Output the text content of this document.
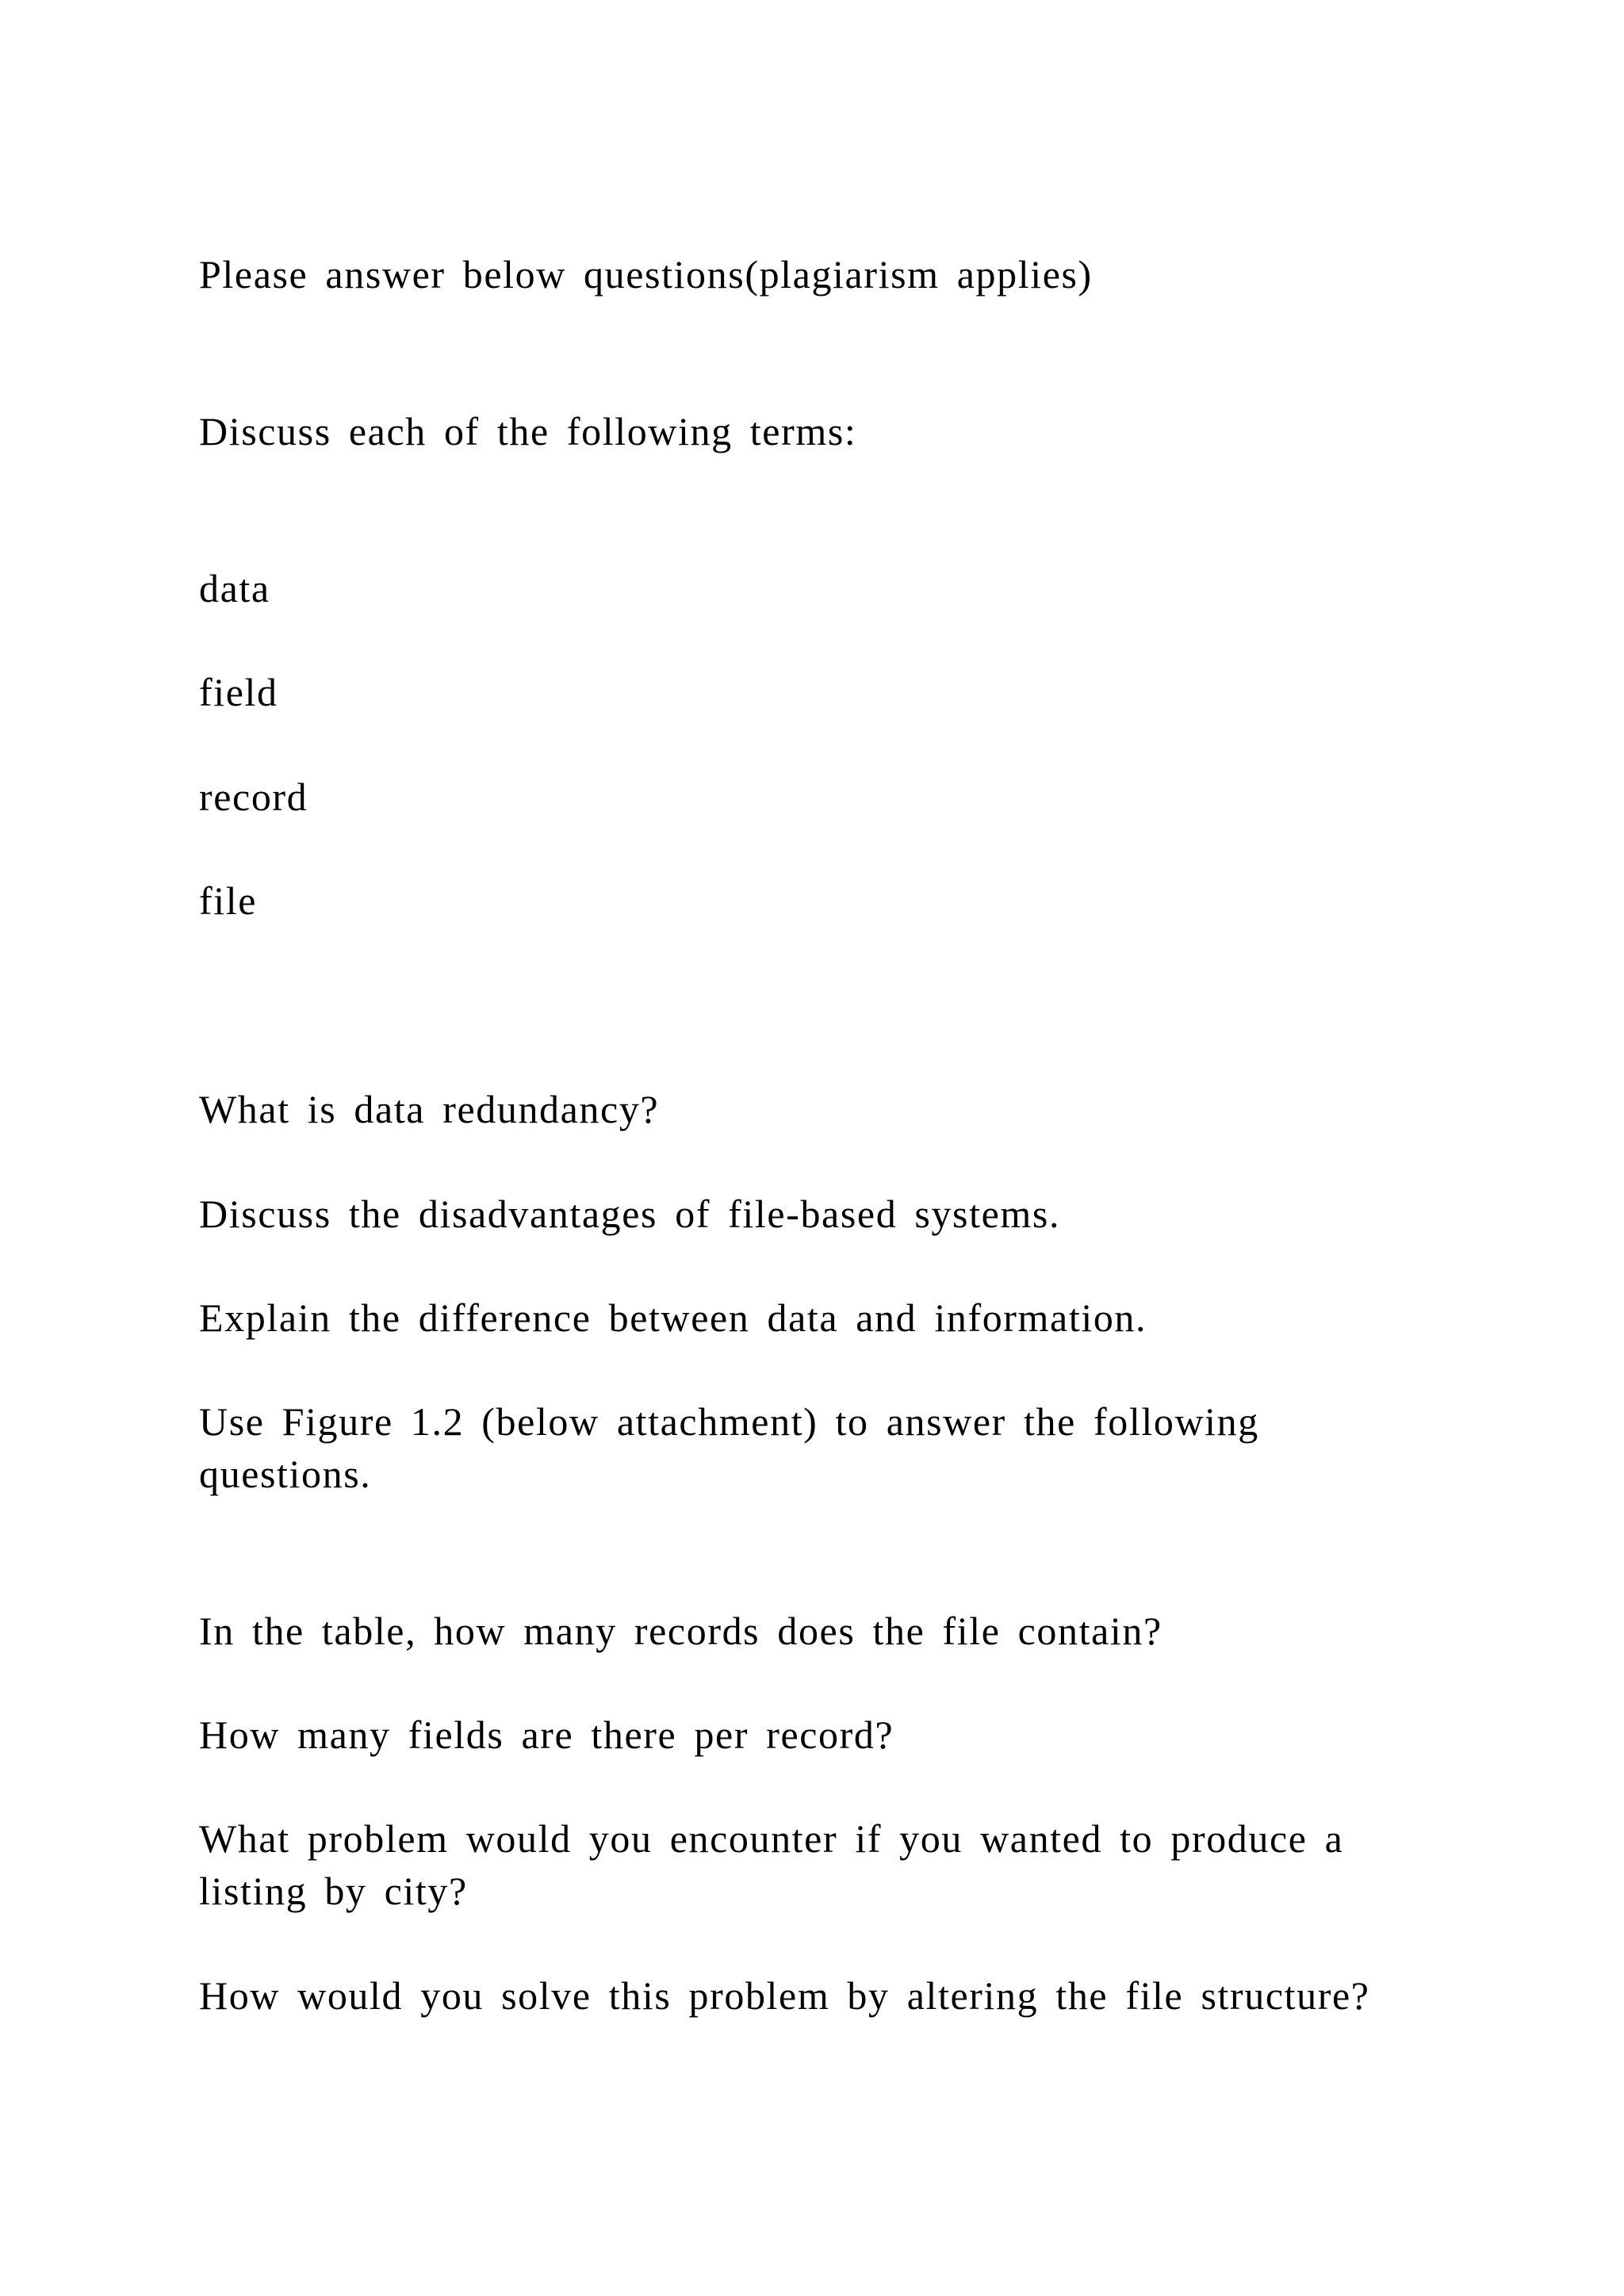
Please answer below questions(plagiarism applies)

Discuss each of the following terms:

data

field

record

file

What is data redundancy?

Discuss the disadvantages of file-based systems.

Explain the difference between data and information.

Use Figure 1.2 (below attachment) to answer the following questions.

In the table, how many records does the file contain?

How many fields are there per record?

What problem would you encounter if you wanted to produce a listing by city?

How would you solve this problem by altering the file structure?
